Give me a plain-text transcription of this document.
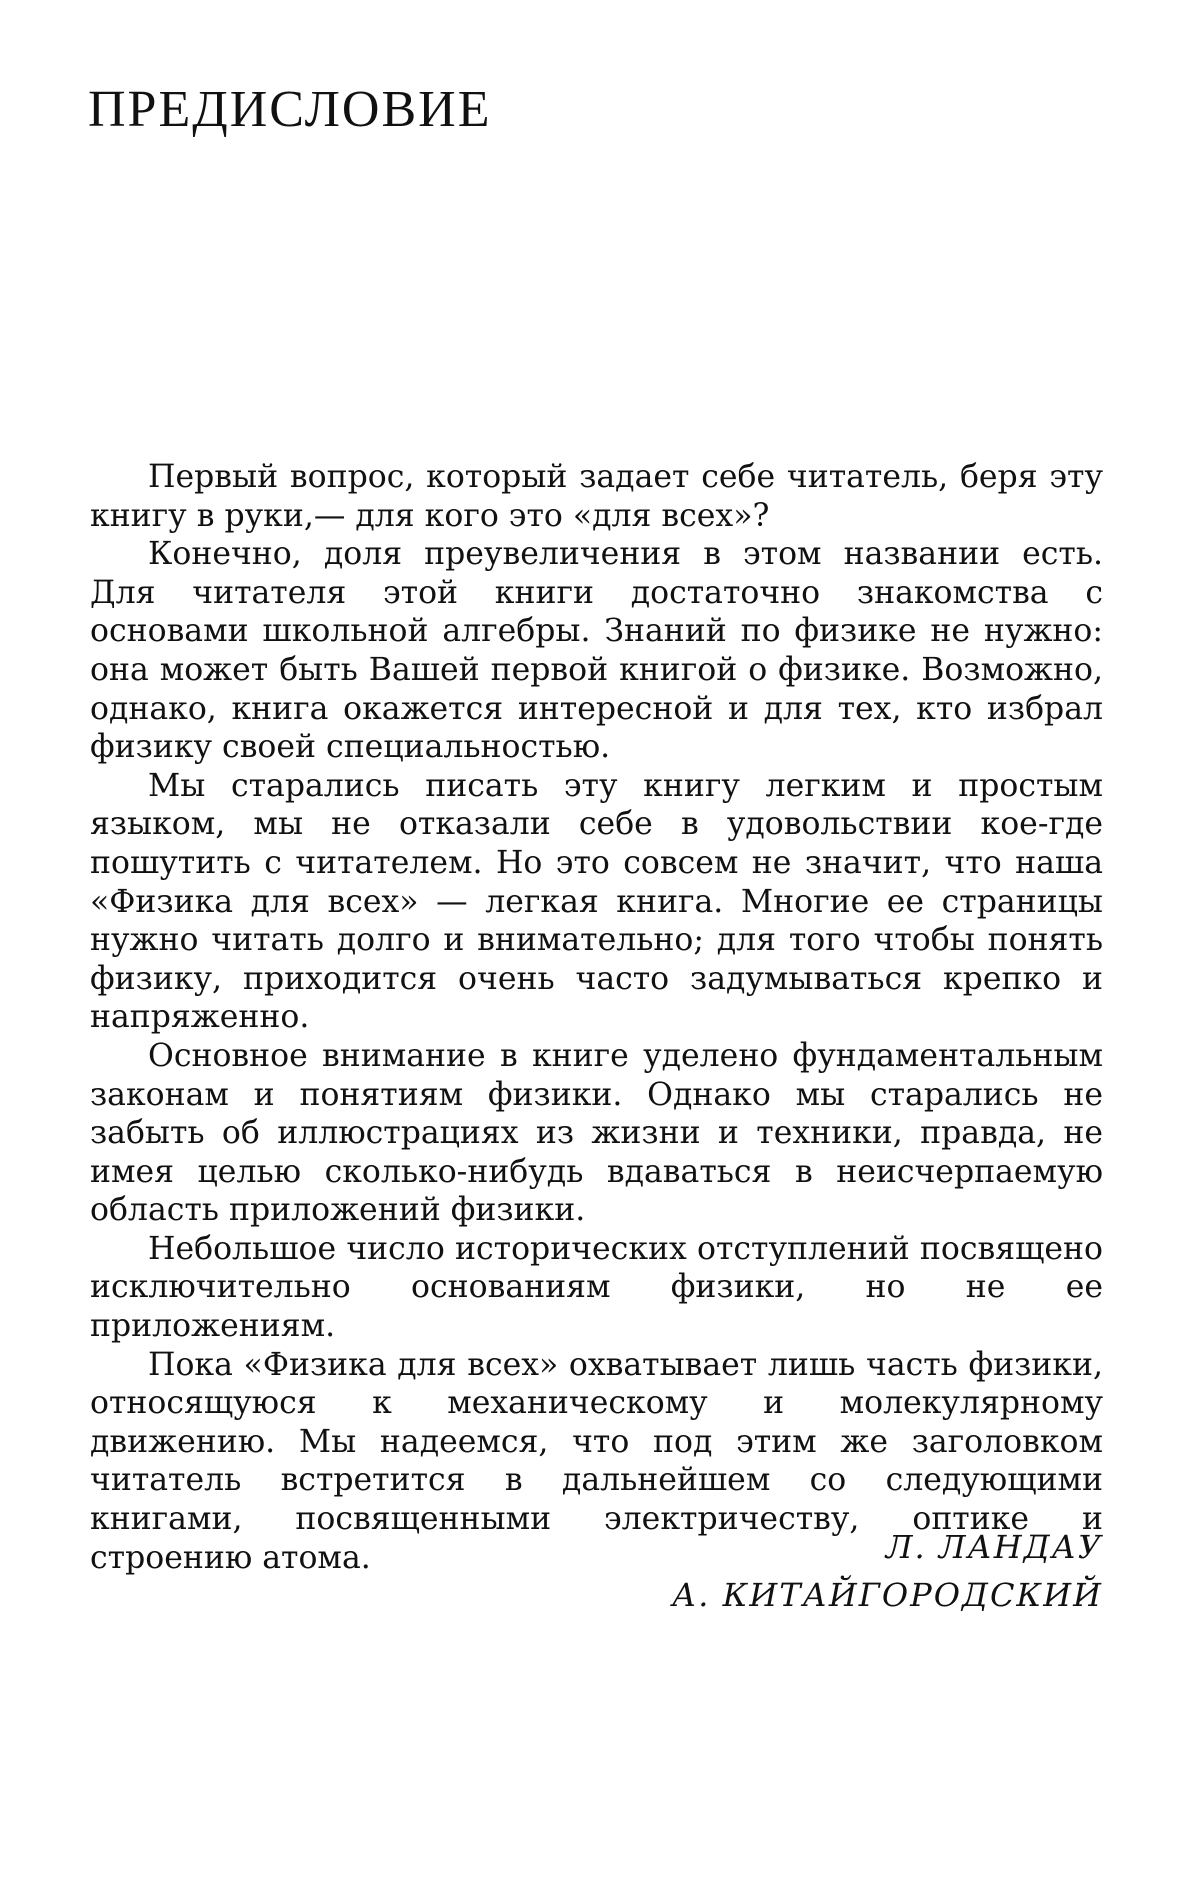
ПРЕДИСЛОВИЕ

Первый вопрос, который задает себе читатель, беря эту книгу в руки,— для кого это «для всех»?

Конечно, доля преувеличения в этом названии есть. Для читателя этой книги достаточно знакомства с основами школьной алгебры. Знаний по физике не нужно: она может быть Вашей первой книгой о физике. Возможно, однако, книга окажется интересной и для тех, кто избрал физику своей специальностью.

Мы старались писать эту книгу легким и простым языком, мы не отказали себе в удовольствии кое-где пошутить с читателем. Но это совсем не значит, что наша «Физика для всех» — легкая книга. Многие ее страницы нужно читать долго и внимательно; для того чтобы понять физику, приходится очень часто задумываться крепко и напряженно.

Основное внимание в книге уделено фундаментальным законам и понятиям физики. Однако мы старались не забыть об иллюстрациях из жизни и техники, правда, не имея целью сколько-нибудь вдаваться в неисчерпаемую область приложений физики.

Небольшое число исторических отступлений посвящено исключительно основаниям физики, но не ее приложениям.

Пока «Физика для всех» охватывает лишь часть физики, относящуюся к механическому и молекулярному движению. Мы надеемся, что под этим же заголовком читатель встретится в дальнейшем со следующими книгами, посвященными электричеству, оптике и строению атома.	Л. ЛАНДАУ
А. КИТАЙГОРОДСКИЙ
